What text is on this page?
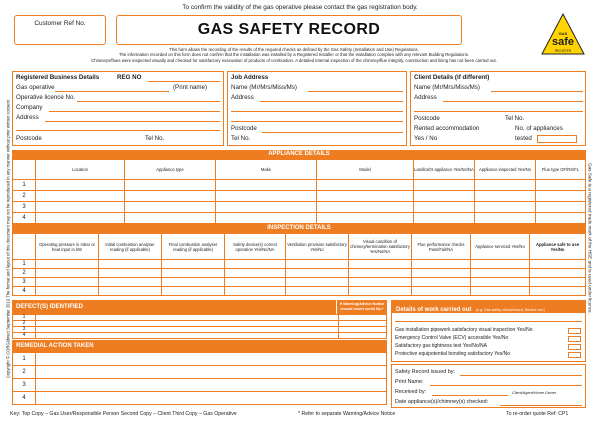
To confirm the validity of the gas operative please contact the gas registration body.
Customer Ref No.	GAS SAFETY RECORD	GAS
safe
REGISTER
This form allows the recording of the results of the required checks as defined by the Gas Safety (Installation and Use) Regulations.
The information recorded on this form does not confirm that the installation was installed by a Registered Installer or that the installation complies with any relevant Building Regulations.
Chimneys/flues were inspected visually and checked for satisfactory evacuation of products of combustion. A detailed internal inspection of the chimney/flue integrity, construction and lining has not been carried out.
Copyright © CORGIdirect September 2010 The format and layout of this document may not be reproduced in any manner without prior written consent.	Gas Safe is a registered trade mark of the HSE and is used under licence.
Registered Business Details	REG NO
Gas operative	(Print name)
Operative licence No.
Company
Address
Postcode	Tel No.
Job Address
Name (Mr/Mrs/Miss/Ms)
Address
Postcode
Tel No.
Client Details (if different)
Name (Mr/Mrs/Miss/Ms)
Address
Postcode	Tel No.
Rented accommodation	No. of appliances
Yes / No	tested
APPLIANCE DETAILS

	Location	Appliance type	Make	Model	Landlord's appliance Yes/No/NA	Appliance inspected Yes/No	Flue type OF/RS/FL

1							
2							
3							
4							
INSPECTION DETAILS

	Operating pressure in mbar or heat input in kW	Initial combustion analyser reading (if applicable)	Final combustion analyser reading (if applicable)	Safety device(s) correct operation Yes/No/NA	Ventilation provision satisfactory Yes/No	Visual condition of chimney/termination satisfactory Yes/No/NA	Flue performance checks Pass/Fail/NA	Appliance serviced Yes/No	Appliance safe to use Yes/No

1									
2									
3									
4									
DEFECT(S) IDENTIFIED	If Warning/Advice Notice issued insert serial No.*
1		
2		
3		
4		
REMEDIAL ACTION TAKEN
1	
2	
3	
4	
Details of work carried out (e.g. Gas safety check/record, Service etc.)
Gas installation pipework satisfactory visual inspection Yes/No
Emergency Control Valve (ECV) accessible Yes/No
Satisfactory gas tightness test Yes/No/NA
Protective equipotential bonding satisfactory Yes/No
Safety Record issued by:
Print Name:
Received by:	Client/Agent/Home Owner
Date appliance(s)/chimney(s) checked:
Key: Top Copy – Gas User/Responsible Person Second Copy – Client Third Copy – Gas Operative	* Refer to separate Warning/Advice Notice	To re-order quote Ref: CP1
